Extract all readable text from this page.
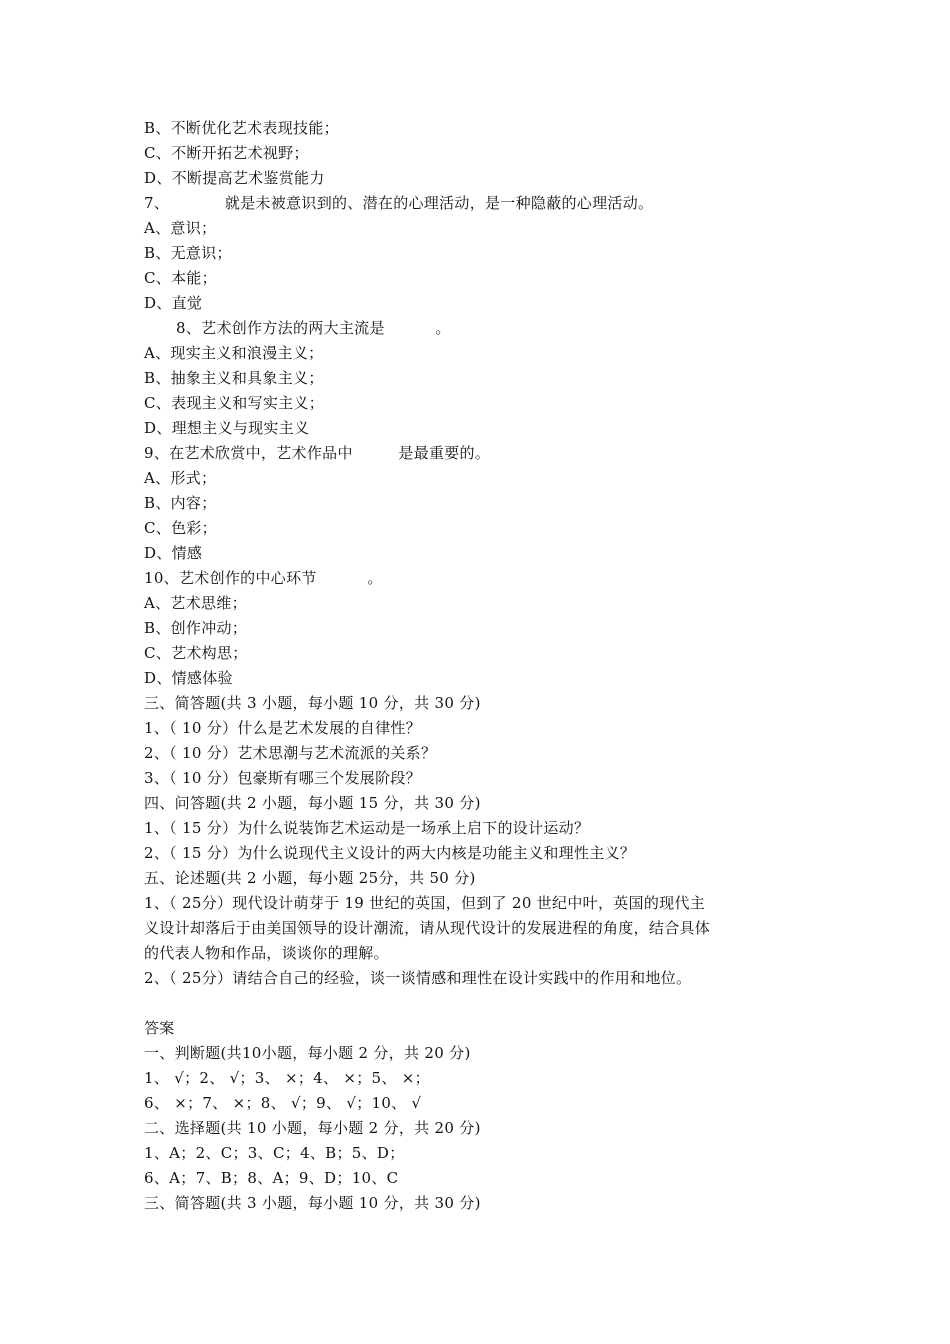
B、不断优化艺术表现技能；
C、不断开拓艺术视野；
D、不断提高艺术鉴赏能力
7、           就是未被意识到的、潜在的心理活动，是一种隐蔽的心理活动。
A、意识；
B、无意识；
C、本能；
D、直觉
8、艺术创作方法的两大主流是          。
A、现实主义和浪漫主义；
B、抽象主义和具象主义；
C、表现主义和写实主义；
D、理想主义与现实主义
9、在艺术欣赏中，艺术作品中         是最重要的。
A、形式；
B、内容；
C、色彩；
D、情感
10、艺术创作的中心环节          。
A、艺术思维；
B、创作冲动；
C、艺术构思；
D、情感体验
三、简答题(共 3 小题，每小题 10 分，共 30 分)
1、（ 10 分）什么是艺术发展的自律性？
2、（ 10 分）艺术思潮与艺术流派的关系？
3、（ 10 分）包豪斯有哪三个发展阶段？
四、问答题(共 2 小题，每小题 15 分，共 30 分)
1、（ 15 分）为什么说装饰艺术运动是一场承上启下的设计运动？
2、（ 15 分）为什么说现代主义设计的两大内核是功能主义和理性主义？
五、论述题(共 2 小题，每小题 25分，共 50 分)
1、（ 25分）现代设计萌芽于 19 世纪的英国，但到了 20 世纪中叶，英国的现代主
义设计却落后于由美国领导的设计潮流，请从现代设计的发展进程的角度，结合具体
的代表人物和作品，谈谈你的理解。
2、（ 25分）请结合自己的经验，谈一谈情感和理性在设计实践中的作用和地位。
答案
一、判断题(共10小题，每小题 2 分，共 20 分)
1、 √；2、 √；3、 ×；4、 ×；5、 ×；
6、 ×；7、 ×；8、 √；9、 √；10、 √
二、选择题(共 10 小题，每小题 2 分，共 20 分)
1、A；2、C；3、C；4、B；5、D；
6、A；7、B；8、A；9、D；10、C
三、简答题(共 3 小题，每小题 10 分，共 30 分)
